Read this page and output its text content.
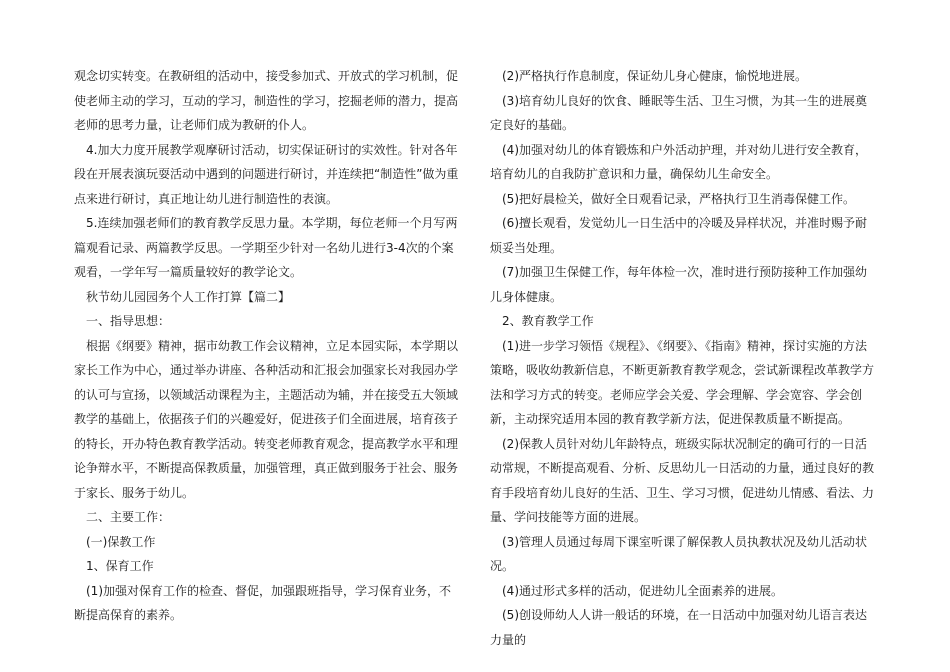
观念切实转变。在教研组的活动中，接受参加式、开放式的学习机制，促使老师主动的学习，互动的学习，制造性的学习，挖掘老师的潜力，提高老师的思考力量，让老师们成为教研的仆人。

4.加大力度开展教学观摩研讨活动，切实保证研讨的实效性。针对各年段在开展表演玩耍活动中遇到的问题进行研讨，并连续把“制造性”做为重点来进行研讨，真正地让幼儿进行制造性的表演。

5.连续加强老师们的教育教学反思力量。本学期，每位老师一个月写两篇观看记录、两篇教学反思。一学期至少针对一名幼儿进行3-4次的个案观看，一学年写一篇质量较好的教学论文。

秋节幼儿园园务个人工作打算【篇二】

一、指导思想：

根据《纲要》精神，据市幼教工作会议精神，立足本园实际，本学期以家长工作为中心，通过举办讲座、各种活动和汇报会加强家长对我园办学的认可与宣扬，以领域活动课程为主，主题活动为辅，并在接受五大领域教学的基础上，依据孩子们的兴趣爱好，促进孩子们全面进展，培育孩子的特长，开办特色教育教学活动。转变老师教育观念，提高教学水平和理论争辩水平，不断提高保教质量，加强管理，真正做到服务于社会、服务于家长、服务于幼儿。

二、主要工作：

(一)保教工作

1、保育工作

(1)加强对保育工作的检查、督促，加强跟班指导，学习保育业务，不断提高保育的素养。

(2)严格执行作息制度，保证幼儿身心健康，愉悦地进展。

(3)培育幼儿良好的饮食、睡眠等生活、卫生习惯，为其一生的进展奠定良好的基础。

(4)加强对幼儿的体育锻炼和户外活动护理，并对幼儿进行安全教育，培育幼儿的自我防扩意识和力量，确保幼儿生命安全。

(5)把好晨检关，做好全日观看记录，严格执行卫生消毒保健工作。

(6)擅长观看，发觉幼儿一日生活中的冷暖及异样状况，并准时赐予耐烦妥当处理。

(7)加强卫生保健工作，每年体检一次，准时进行预防接种工作加强幼儿身体健康。

2、教育教学工作

(1)进一步学习领悟《规程》、《纲要》、《指南》精神，探讨实施的方法策略，吸收幼教新信息，不断更新教育教学观念，尝试新课程改革教学方法和学习方式的转变。老师应学会关爱、学会理解、学会宽容、学会创新，主动探究适用本园的教育教学新方法，促进保教质量不断提高。

(2)保教人员针对幼儿年龄特点，班级实际状况制定的确可行的一日活动常规，不断提高观看、分析、反思幼儿一日活动的力量，通过良好的教育手段培育幼儿良好的生活、卫生、学习习惯，促进幼儿情感、看法、力量、学问技能等方面的进展。

(3)管理人员通过每周下课室听课了解保教人员执教状况及幼儿活动状况。

(4)通过形式多样的活动，促进幼儿全面素养的进展。

(5)创设师幼人人讲一般话的环境，在一日活动中加强对幼儿语言表达力量的
